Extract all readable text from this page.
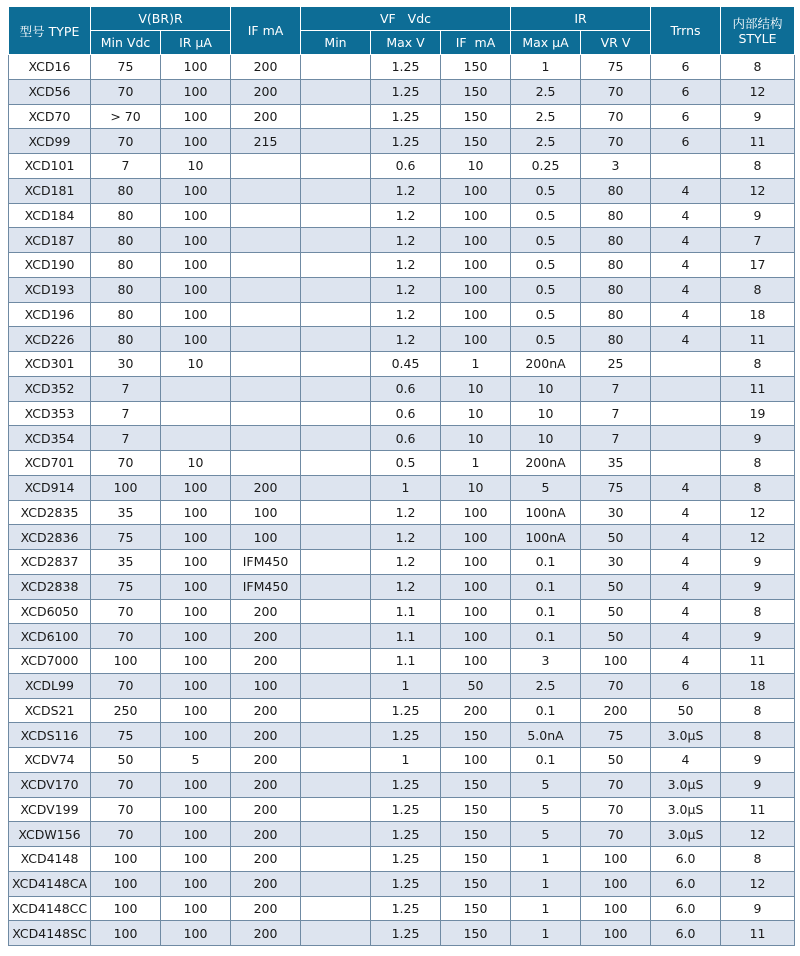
型号 TYPE	V(BR)R		IF mA	VF   Vdc			IR		Trrns	内部结构
STYLE
	Min Vdc	IR μA		Min	Max V	IF  mA	Max μA	VR V		
XCD16	75	100	200		1.25	150	1	75	6	8
XCD56	70	100	200		1.25	150	2.5	70	6	12
XCD70	> 70	100	200		1.25	150	2.5	70	6	9
XCD99	70	100	215		1.25	150	2.5	70	6	11
XCD101	7	10			0.6	10	0.25	3		8
XCD181	80	100			1.2	100	0.5	80	4	12
XCD184	80	100			1.2	100	0.5	80	4	9
XCD187	80	100			1.2	100	0.5	80	4	7
XCD190	80	100			1.2	100	0.5	80	4	17
XCD193	80	100			1.2	100	0.5	80	4	8
XCD196	80	100			1.2	100	0.5	80	4	18
XCD226	80	100			1.2	100	0.5	80	4	11
XCD301	30	10			0.45	1	200nA	25		8
XCD352	7				0.6	10	10	7		11
XCD353	7				0.6	10	10	7		19
XCD354	7				0.6	10	10	7		9
XCD701	70	10			0.5	1	200nA	35		8
XCD914	100	100	200		1	10	5	75	4	8
XCD2835	35	100	100		1.2	100	100nA	30	4	12
XCD2836	75	100	100		1.2	100	100nA	50	4	12
XCD2837	35	100	IFM450		1.2	100	0.1	30	4	9
XCD2838	75	100	IFM450		1.2	100	0.1	50	4	9
XCD6050	70	100	200		1.1	100	0.1	50	4	8
XCD6100	70	100	200		1.1	100	0.1	50	4	9
XCD7000	100	100	200		1.1	100	3	100	4	11
XCDL99	70	100	100		1	50	2.5	70	6	18
XCDS21	250	100	200		1.25	200	0.1	200	50	8
XCDS116	75	100	200		1.25	150	5.0nA	75	3.0μS	8
XCDV74	50	5	200		1	100	0.1	50	4	9
XCDV170	70	100	200		1.25	150	5	70	3.0μS	9
XCDV199	70	100	200		1.25	150	5	70	3.0μS	11
XCDW156	70	100	200		1.25	150	5	70	3.0μS	12
XCD4148	100	100	200		1.25	150	1	100	6.0	8
XCD4148CA	100	100	200		1.25	150	1	100	6.0	12
XCD4148CC	100	100	200		1.25	150	1	100	6.0	9
XCD4148SC	100	100	200		1.25	150	1	100	6.0	11
